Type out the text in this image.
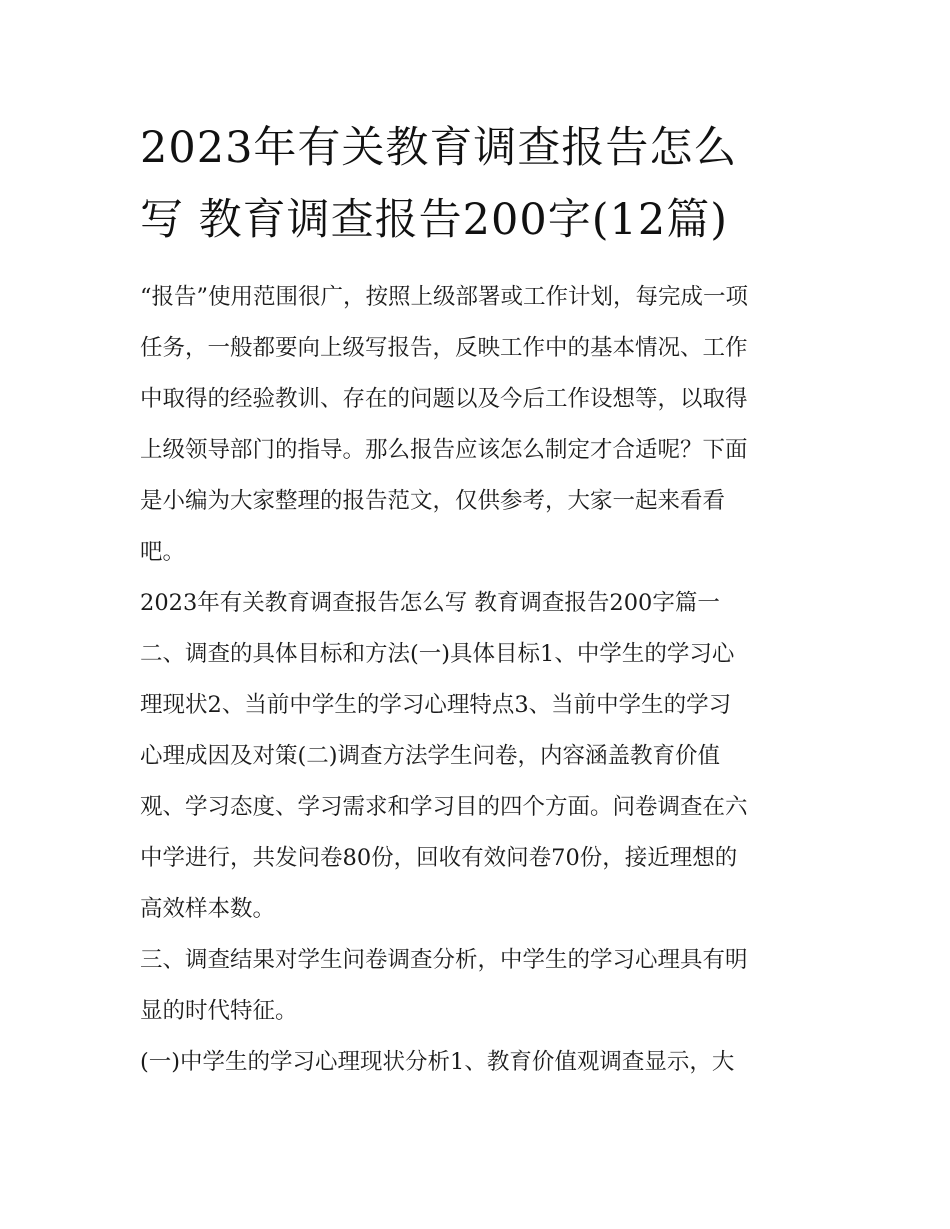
2023年有关教育调查报告怎么
写 教育调查报告200字(12篇)

“报告”使用范围很广，按照上级部署或工作计划，每完成一项
任务，一般都要向上级写报告，反映工作中的基本情况、工作
中取得的经验教训、存在的问题以及今后工作设想等，以取得
上级领导部门的指导。那么报告应该怎么制定才合适呢？下面
是小编为大家整理的报告范文，仅供参考，大家一起来看看
吧。

2023年有关教育调查报告怎么写 教育调查报告200字篇一

二、调查的具体目标和方法(一)具体目标1、中学生的学习心
理现状2、当前中学生的学习心理特点3、当前中学生的学习
心理成因及对策(二)调查方法学生问卷，内容涵盖教育价值
观、学习态度、学习需求和学习目的四个方面。问卷调查在六
中学进行，共发问卷80份，回收有效问卷70份，接近理想的
高效样本数。

三、调查结果对学生问卷调查分析，中学生的学习心理具有明
显的时代特征。

(一)中学生的学习心理现状分析1、教育价值观调查显示，大
